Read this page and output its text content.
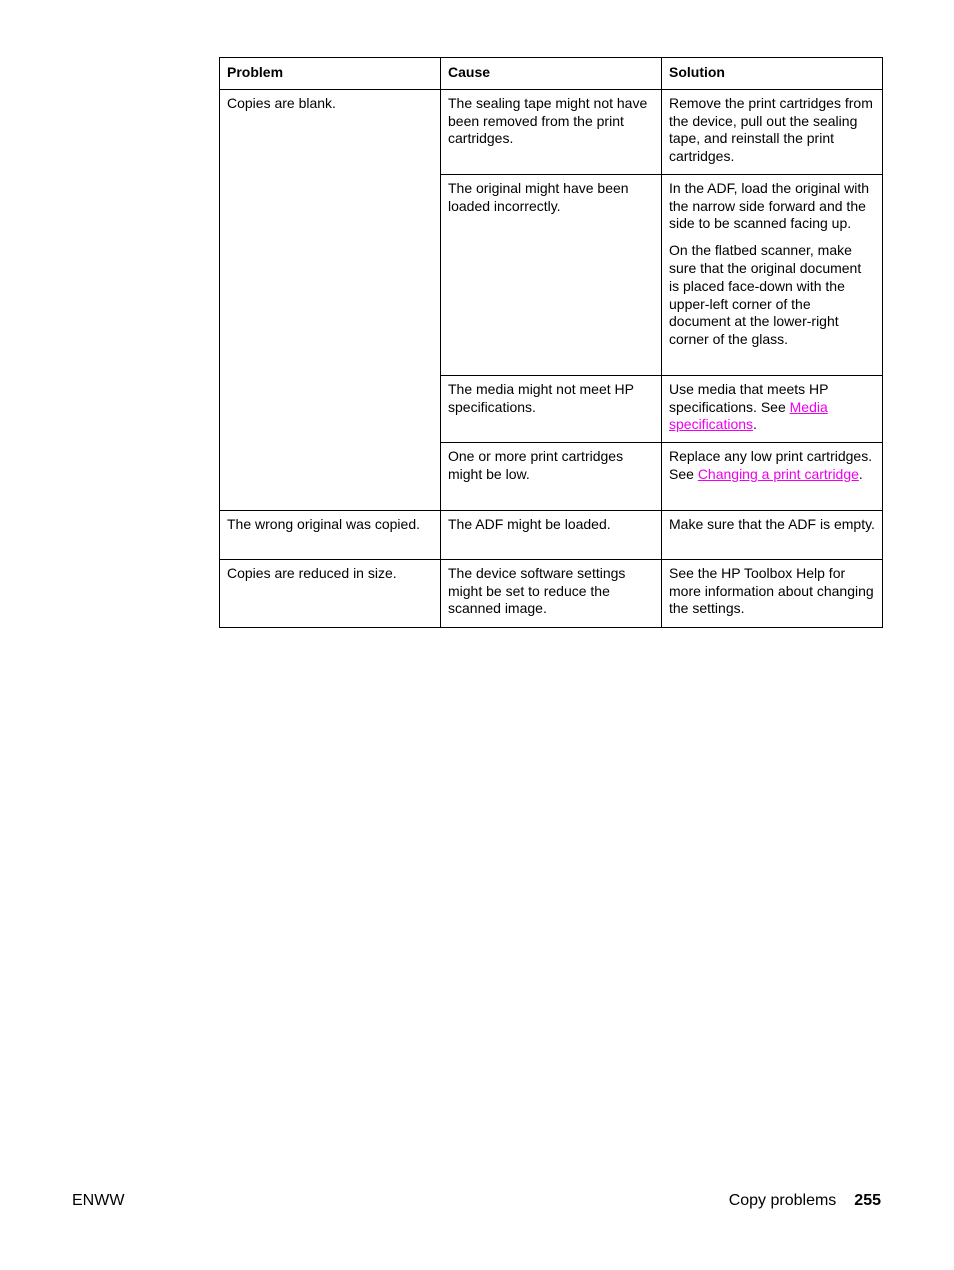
Problem	Cause	Solution
Copies are blank.	The sealing tape might not have been removed from the print cartridges.	Remove the print cartridges from the device, pull out the sealing tape, and reinstall the print cartridges.
	The original might have been loaded incorrectly.	In the ADF, load the original with the narrow side forward and the side to be scanned facing up.

On the flatbed scanner, make sure that the original document is placed face-down with the upper-left corner of the document at the lower-right corner of the glass.

	The media might not meet HP specifications.	Use media that meets HP specifications. See Media specifications.
	One or more print cartridges might be low.	Replace any low print cartridges. See Changing a print cartridge.
The wrong original was copied.	The ADF might be loaded.	Make sure that the ADF is empty.
Copies are reduced in size.	The device software settings might be set to reduce the scanned image.	See the HP Toolbox Help for more information about changing the settings.
ENWW	Copy problems 255
